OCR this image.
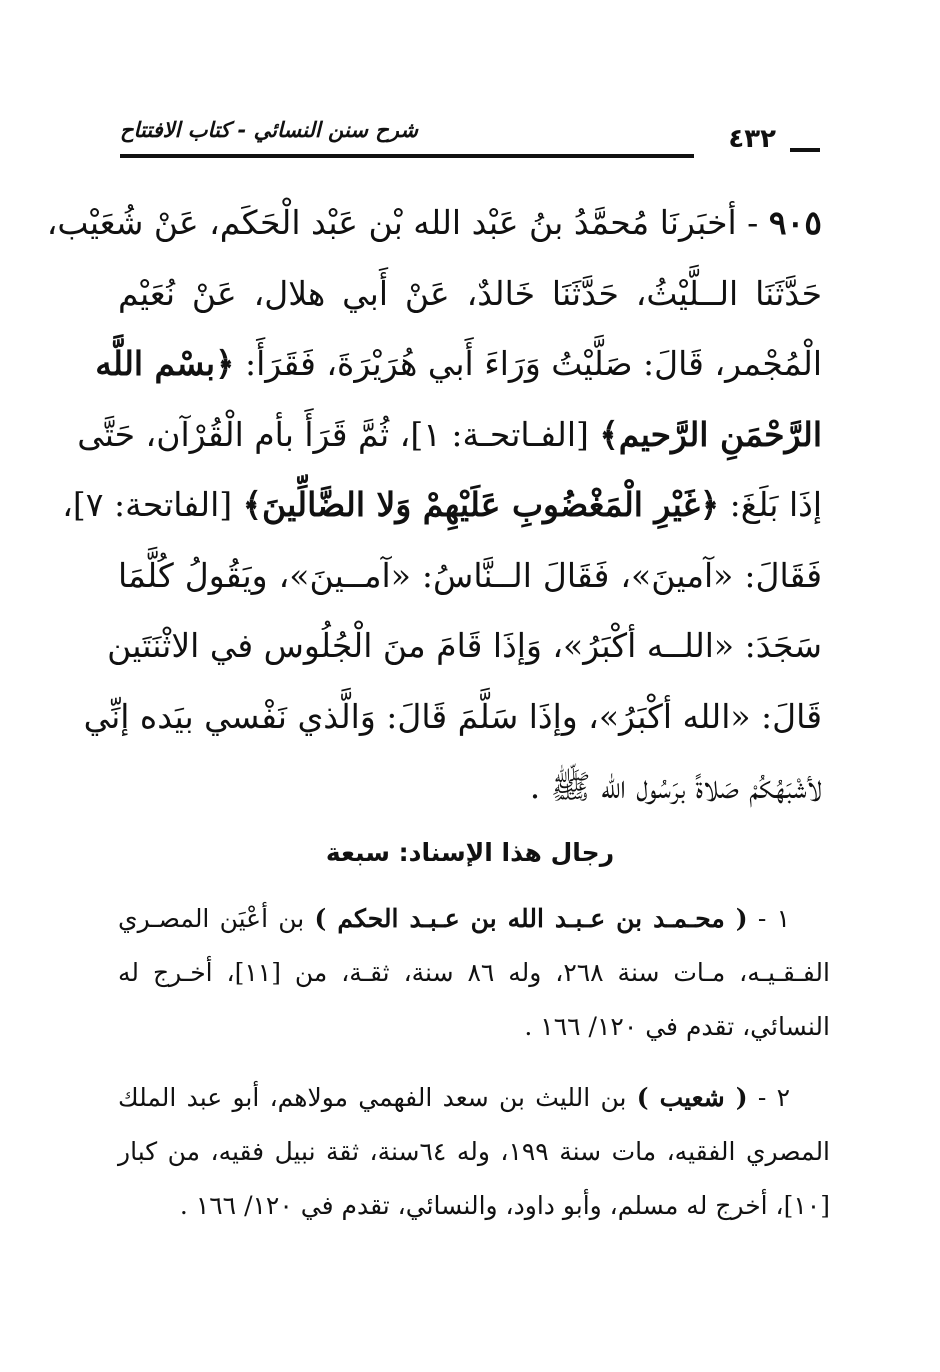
شرح سنن النسائي - كتاب الافتتاح	٤٣٢
٩٠٥ - أخبَرنَا مُحمَّدُ بنُ عَبْد الله بْن عَبْد الْحَكَم، عَنْ شُعَيْب،
حَدَّثَنَا الــلَّيْثُ، حَدَّثَنَا خَالدٌ، عَنْ أَبي هلال، عَنْ نُعَيْم
الْمُجْمر، قَالَ: صَلَّيْتُ وَرَاءَ أَبي هُرَيْرَةَ، فَقَرَأَ: ﴿بسْم اللَّه
الرَّحْمَنِ الرَّحيم﴾ [الفـاتحـة: ١]، ثُمَّ قَرَأَ بأم الْقُرْآن، حَتَّى
إذَا بَلَغَ: ﴿غَيْرِ الْمَغْضُوبِ عَلَيْهِمْ وَلا الضَّالِّينَ﴾ [الفاتحة: ٧]،
فَقَالَ: «آمينَ»، فَقَالَ الــنَّاسُ: «آمــينَ»، ويَقُولُ كُلَّمَا
سَجَدَ: «اللــه أكْبَرُ»، وَإذَا قَامَ منَ الْجُلُوس في الاثْنَتَين
قَالَ: «الله أكْبَرُ»، وإذَا سَلَّمَ قَالَ: وَالَّذي نَفْسي بيَده إنِّي
لأشْبَهُكُمْ صَلاةً برَسُول الله ﷺ .
رجال هذا الإسناد: سبعة
١ - ( محـمـد بن عـبـد الله بن عـبـد الحكم ) بن أعْيَن المصـري
الفـقـيـه، مـات سنة ٢٦٨، وله ٨٦ سنة، ثقـة، من [١١]، أخـرج له
النسائي، تقدم في ١٢٠/ ١٦٦ .
٢ - ( شعيب ) بن الليث بن سعد الفهمي مولاهم، أبو عبد الملك
المصري الفقيه، مات سنة ١٩٩، وله ٦٤سنة، ثقة نبيل فقيه، من كبار
[١٠]، أخرج له مسلم، وأبو داود، والنسائي، تقدم في ١٢٠/ ١٦٦ .
